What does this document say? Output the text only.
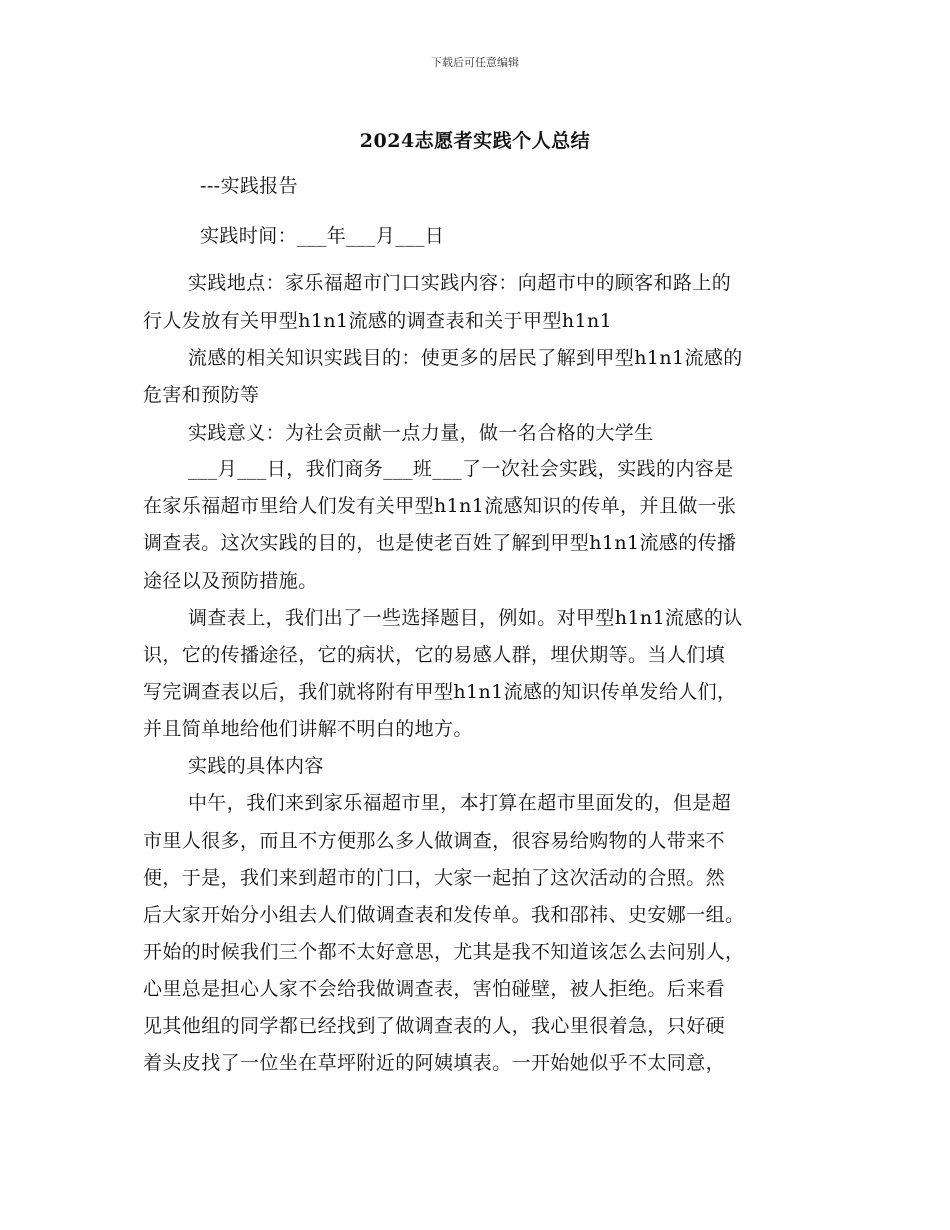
下载后可任意编辑
2024志愿者实践个人总结
---实践报告
实践时间：___年___月___日
实践地点：家乐福超市门口实践内容：向超市中的顾客和路上的
行人发放有关甲型h1n1流感的调查表和关于甲型h1n1
流感的相关知识实践目的：使更多的居民了解到甲型h1n1流感的
危害和预防等
实践意义：为社会贡献一点力量，做一名合格的大学生
___月___日，我们商务___班___了一次社会实践，实践的内容是
在家乐福超市里给人们发有关甲型h1n1流感知识的传单，并且做一张
调查表。这次实践的目的，也是使老百姓了解到甲型h1n1流感的传播
途径以及预防措施。
调查表上，我们出了一些选择题目，例如。对甲型h1n1流感的认
识，它的传播途径，它的病状，它的易感人群，埋伏期等。当人们填
写完调查表以后，我们就将附有甲型h1n1流感的知识传单发给人们，
并且简单地给他们讲解不明白的地方。
实践的具体内容
中午，我们来到家乐福超市里，本打算在超市里面发的，但是超
市里人很多，而且不方便那么多人做调查，很容易给购物的人带来不
便，于是，我们来到超市的门口，大家一起拍了这次活动的合照。然
后大家开始分小组去人们做调查表和发传单。我和邵祎、史安娜一组。
开始的时候我们三个都不太好意思，尤其是我不知道该怎么去问别人，
心里总是担心人家不会给我做调查表，害怕碰壁，被人拒绝。后来看
见其他组的同学都已经找到了做调查表的人，我心里很着急，只好硬
着头皮找了一位坐在草坪附近的阿姨填表。一开始她似乎不太同意，
